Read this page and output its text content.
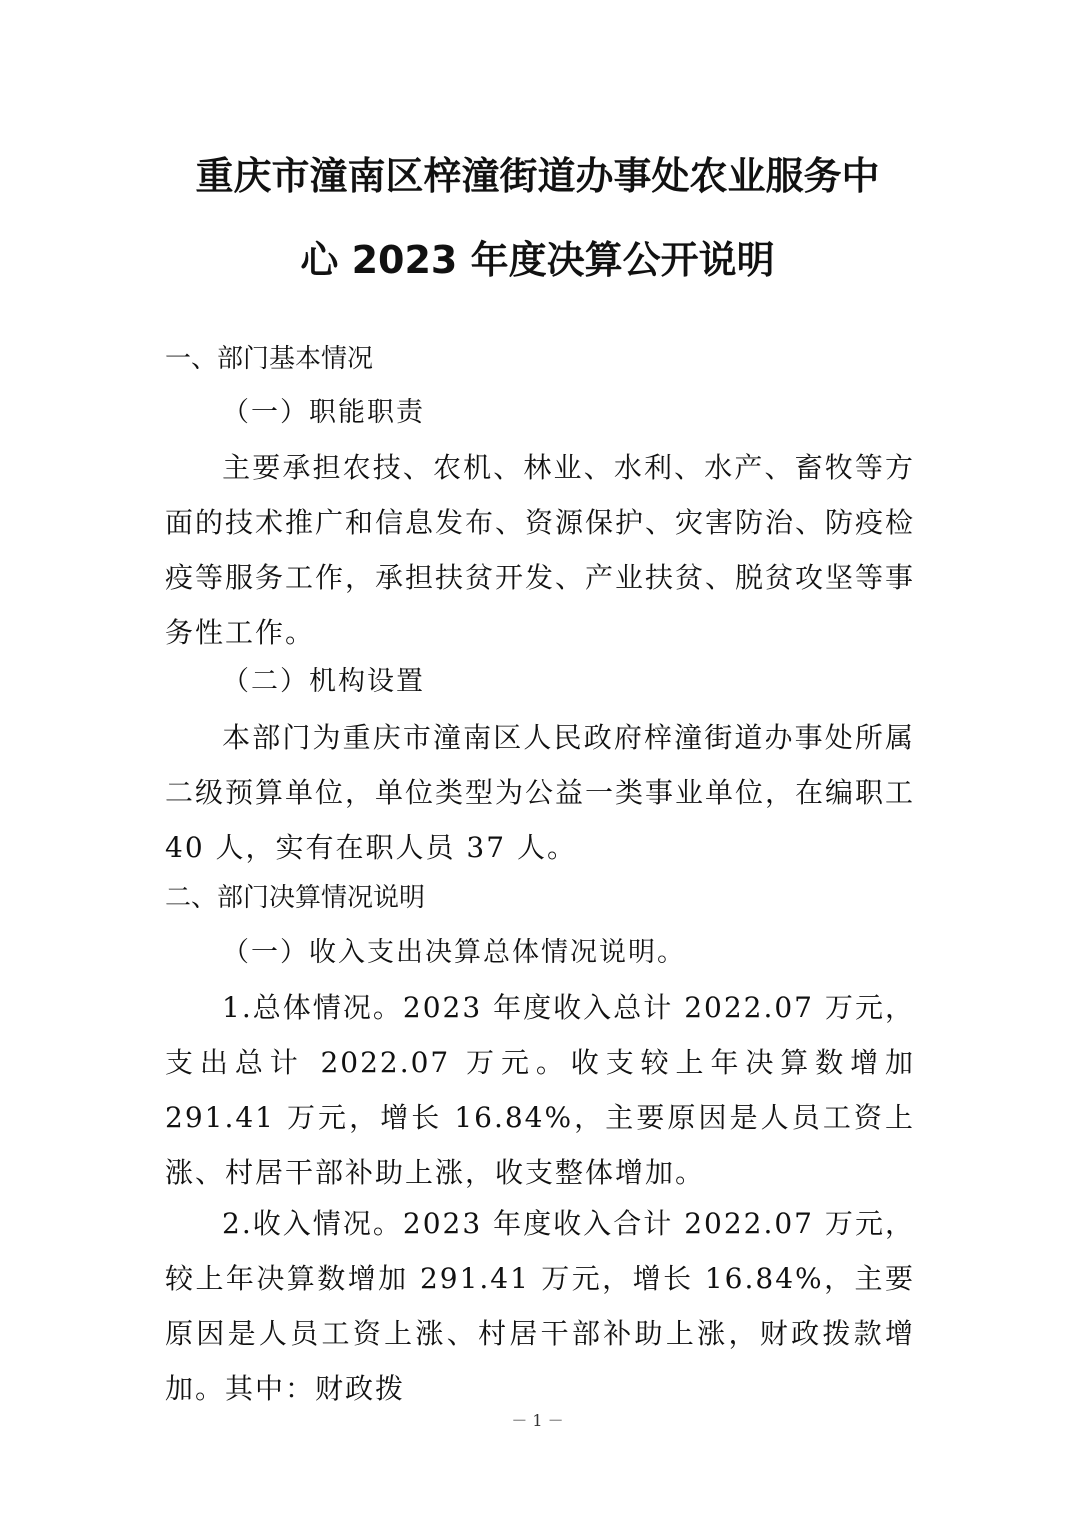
重庆市潼南区梓潼街道办事处农业服务中
心 2023 年度决算公开说明
一、部门基本情况
（一）职能职责
主要承担农技、农机、林业、水利、水产、畜牧等方面的技术推广和信息发布、资源保护、灾害防治、防疫检疫等服务工作，承担扶贫开发、产业扶贫、脱贫攻坚等事务性工作。
（二）机构设置
本部门为重庆市潼南区人民政府梓潼街道办事处所属二级预算单位，单位类型为公益一类事业单位，在编职工 40 人，实有在职人员 37 人。
二、部门决算情况说明
（一）收入支出决算总体情况说明。
1.总体情况。2023 年度收入总计 2022.07 万元，支出总计 2022.07 万元。收支较上年决算数增加 291.41 万元，增长 16.84%，主要原因是人员工资上涨、村居干部补助上涨，收支整体增加。
2.收入情况。2023 年度收入合计 2022.07 万元，较上年决算数增加 291.41 万元，增长 16.84%，主要原因是人员工资上涨、村居干部补助上涨，财政拨款增加。其中：财政拨
－ 1 －
